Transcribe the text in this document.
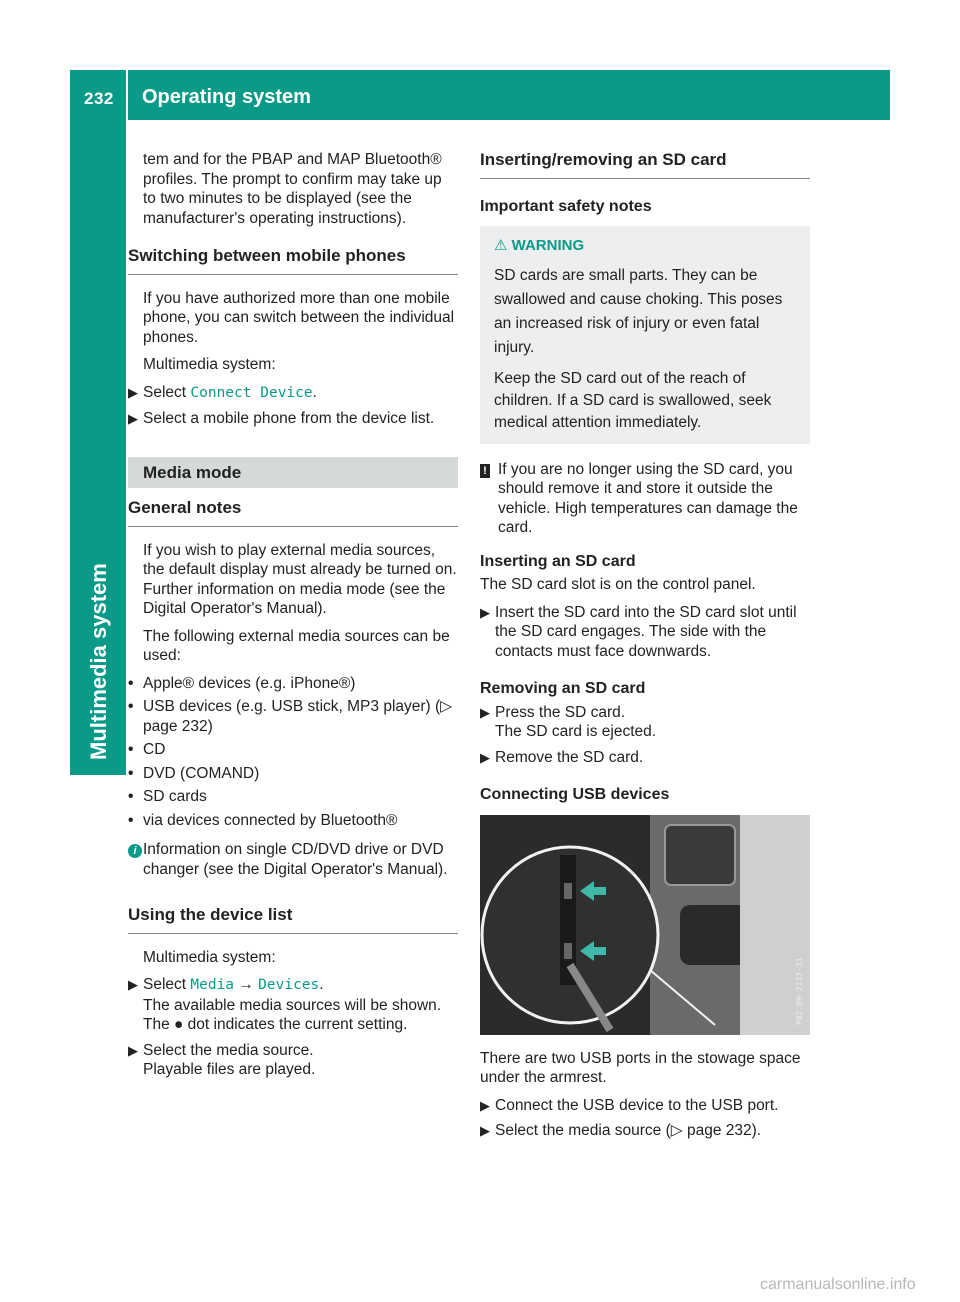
232 Operating system
Multimedia system

tem and for the PBAP and MAP Bluetooth® profiles. The prompt to confirm may take up to two minutes to be displayed (see the manufacturer's operating instructions).

Switching between mobile phones

If you have authorized more than one mobile phone, you can switch between the individual phones.

Multimedia system:

▶ Select Connect Device.
▶ Select a mobile phone from the device list.
Media mode
General notes

If you wish to play external media sources, the default display must already be turned on. Further information on media mode (see the Digital Operator's Manual).

The following external media sources can be used:

• Apple® devices (e.g. iPhone®)
• USB devices (e.g. USB stick, MP3 player) (▷ page 232)
• CD
• DVD (COMAND)
• SD cards
• via devices connected by Bluetooth®
i Information on single CD/DVD drive or DVD changer (see the Digital Operator's Manual).
Using the device list

Multimedia system:

▶ Select Media → Devices.
The available media sources will be shown.
The ● dot indicates the current setting.
▶ Select the media source.
Playable files are played.
Inserting/removing an SD card
Important safety notes
⚠ WARNING

SD cards are small parts. They can be swallowed and cause choking. This poses an increased risk of injury or even fatal injury.

Keep the SD card out of the reach of children. If a SD card is swallowed, seek medical attention immediately.

! If you are no longer using the SD card, you should remove it and store it outside the vehicle. High temperatures can damage the card.
Inserting an SD card

The SD card slot is on the control panel.

▶ Insert the SD card into the SD card slot until the SD card engages. The side with the contacts must face downwards.
Removing an SD card
▶ Press the SD card.
The SD card is ejected.
▶ Remove the SD card.
Connecting USB devices
P82.89-2137-31

There are two USB ports in the stowage space under the armrest.

▶ Connect the USB device to the USB port.
▶ Select the media source (▷ page 232).
carmanualsonline.info
